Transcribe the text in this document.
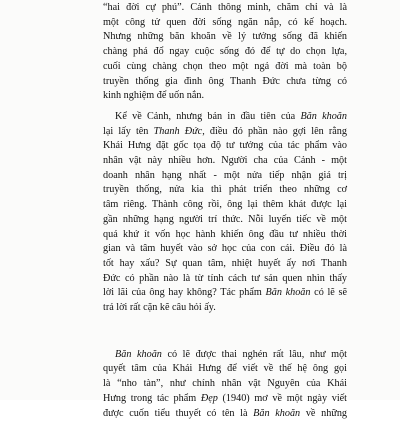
“hai đời cự phú”. Cảnh thông minh, chăm chỉ và là
một công tử quen đời sống ngăn nắp, có kế hoạch.
Nhưng những băn khoăn về lý tưởng sống đã khiến
chàng phá đổ ngay cuộc sống đó để tự do chọn lựa,
cuối cùng chàng chọn theo một ngả đời mà toàn bộ
truyền thống gia đình ông Thanh Đức chưa từng có
kinh nghiệm để uốn nắn.

Kể về Cảnh, nhưng bản in đầu tiên của Băn khoăn
lại lấy tên Thanh Đức, điều đó phần nào gợi lên rằng
Khái Hưng đặt gốc tọa độ tư tưởng của tác phẩm vào
nhân vật này nhiều hơn. Người cha của Cảnh - một
doanh nhân hạng nhất - một nửa tiếp nhận giá trị
truyền thống, nửa kia thì phát triển theo những cơ
tâm riêng. Thành công rồi, ông lại thêm khát được lại
gần những hạng người trí thức. Nỗi luyến tiếc về một
quá khứ ít vốn học hành khiến ông đầu tư nhiều thời
gian và tâm huyết vào sở học của con cái. Điều đó là
tốt hay xấu? Sự quan tâm, nhiệt huyết ấy nơi Thanh
Đức có phần nào là từ tính cách tư sản quen nhìn thấy
lời lãi của ông hay không? Tác phẩm Băn khoăn có lẽ sẽ
trả lời rất cặn kẽ câu hỏi ấy.

Băn khoăn có lẽ được thai nghén rất lâu, như một
quyết tâm của Khái Hưng để viết về thế hệ ông gọi
là “nho tàn”, như chính nhân vật Nguyên của Khái
Hưng trong tác phẩm Đẹp (1940) mơ về một ngày viết
được cuốn tiểu thuyết có tên là Băn khoăn về những
